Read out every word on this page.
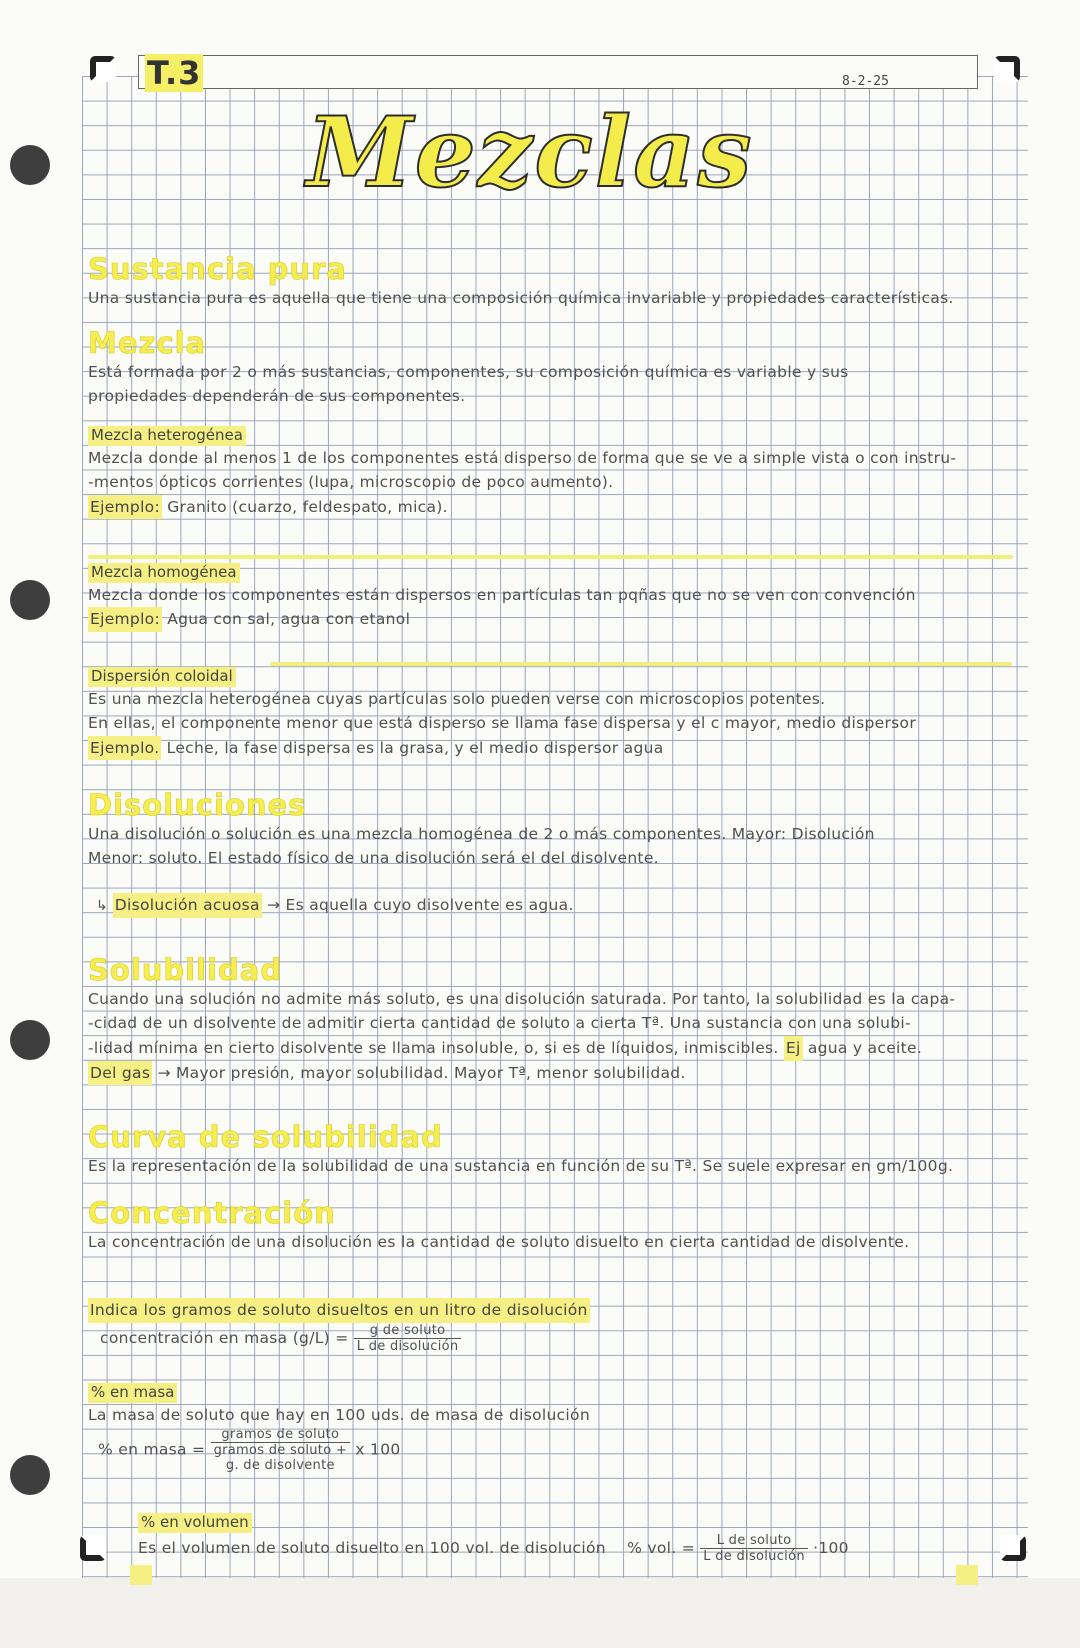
T.3	8-2-25
Mezclas
Sustancia pura
Una sustancia pura es aquella que tiene una composición química invariable y propiedades características.
Mezcla
Está formada por 2 o más sustancias, componentes, su composición química es variable y sus
propiedades dependerán de sus componentes.
Mezcla heterogénea
Mezcla donde al menos 1 de los componentes está disperso de forma que se ve a simple vista o con instru-
-mentos ópticos corrientes (lupa, microscopio de poco aumento).
Ejemplo: Granito (cuarzo, feldespato, mica).
Mezcla homogénea
Mezcla donde los componentes están dispersos en partículas tan pqñas que no se ven con convención
Ejemplo: Agua con sal, agua con etanol
Dispersión coloidal
Es una mezcla heterogénea cuyas partículas solo pueden verse con microscopios potentes.
En ellas, el componente menor que está disperso se llama fase dispersa y el c mayor, medio dispersor
Ejemplo. Leche, la fase dispersa es la grasa, y el medio dispersor agua
Disoluciones
Una disolución o solución es una mezcla homogénea de 2 o más componentes. Mayor: Disolución
Menor: soluto. El estado físico de una disolución será el del disolvente.
↳ Disolución acuosa → Es aquella cuyo disolvente es agua.
Solubilidad
Cuando una solución no admite más soluto, es una disolución saturada. Por tanto, la solubilidad es la capa-
-cidad de un disolvente de admitir cierta cantidad de soluto a cierta Tª. Una sustancia con una solubi-
-lidad mínima en cierto disolvente se llama insoluble, o, si es de líquidos, inmiscibles. Ej agua y aceite.
Del gas → Mayor presión, mayor solubilidad. Mayor Tª, menor solubilidad.
Curva de solubilidad
Es la representación de la solubilidad de una sustancia en función de su Tª. Se suele expresar en gm/100g.
Concentración
La concentración de una disolución es la cantidad de soluto disuelto en cierta cantidad de disolvente.
Indica los gramos de soluto disueltos en un litro de disolución
concentración en masa $(g/L) = \frac{\text{g de soluto}}{\text{L de disolución}}$
% en masa
La masa de soluto que hay en 100 uds. de masa de disolución
% en masa =
gramos de soluto
gramos de soluto +
g. de disolvente
x 100
% en volumen
Es el volumen de soluto disuelto en 100 vol. de disolución % vol. = $\frac{\text{L de soluto}}{\text{L de disolución}} \cdot 100$
